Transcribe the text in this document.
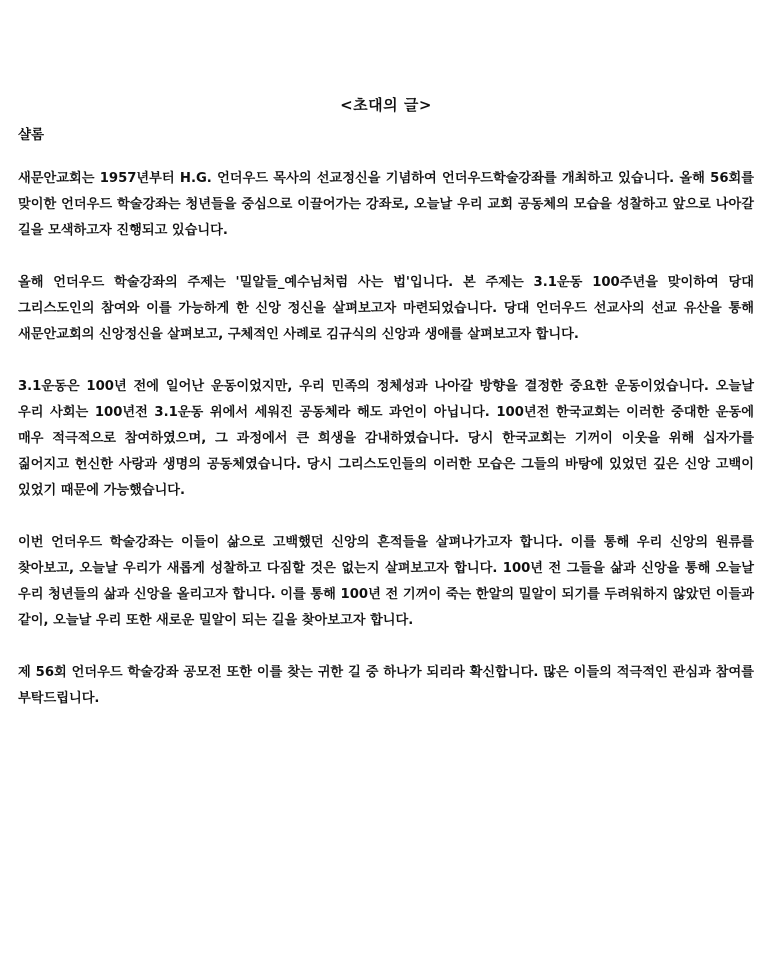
<초대의 글>

샬롬

새문안교회는 1957년부터 H.G. 언더우드 목사의 선교정신을 기념하여 언더우드학술강좌를 개최하고 있습니다. 올해 56회를 맞이한 언더우드 학술강좌는 청년들을 중심으로 이끌어가는 강좌로, 오늘날 우리 교회 공동체의 모습을 성찰하고 앞으로 나아갈 길을 모색하고자 진행되고 있습니다.

올해 언더우드 학술강좌의 주제는 '밀알들_예수님처럼 사는 법'입니다. 본 주제는 3.1운동 100주년을 맞이하여 당대 그리스도인의 참여와 이를 가능하게 한 신앙 정신을 살펴보고자 마련되었습니다. 당대 언더우드 선교사의 선교 유산을 통해 새문안교회의 신앙정신을 살펴보고, 구체적인 사례로 김규식의 신앙과 생애를 살펴보고자 합니다.

3.1운동은 100년 전에 일어난 운동이었지만, 우리 민족의 정체성과 나아갈 방향을 결정한 중요한 운동이었습니다. 오늘날 우리 사회는 100년전 3.1운동 위에서 세워진 공동체라 해도 과언이 아닙니다. 100년전 한국교회는 이러한 중대한 운동에 매우 적극적으로 참여하였으며, 그 과정에서 큰 희생을 감내하였습니다. 당시 한국교회는 기꺼이 이웃을 위해 십자가를 짊어지고 헌신한 사랑과 생명의 공동체였습니다. 당시 그리스도인들의 이러한 모습은 그들의 바탕에 있었던 깊은 신앙 고백이 있었기 때문에 가능했습니다.

이번 언더우드 학술강좌는 이들이 삶으로 고백했던 신앙의 흔적들을 살펴나가고자 합니다. 이를 통해 우리 신앙의 원류를 찾아보고, 오늘날 우리가 새롭게 성찰하고 다짐할 것은 없는지 살펴보고자 합니다. 100년 전 그들을 삶과 신앙을 통해 오늘날 우리 청년들의 삶과 신앙을 올리고자 합니다. 이를 통해 100년 전 기꺼이 죽는 한알의 밀알이 되기를 두려워하지 않았던 이들과 같이, 오늘날 우리 또한 새로운 밀알이 되는 길을 찾아보고자 합니다.

제 56회 언더우드 학술강좌 공모전 또한 이를 찾는 귀한 길 중 하나가 되리라 확신합니다. 많은 이들의 적극적인 관심과 참여를 부탁드립니다.
